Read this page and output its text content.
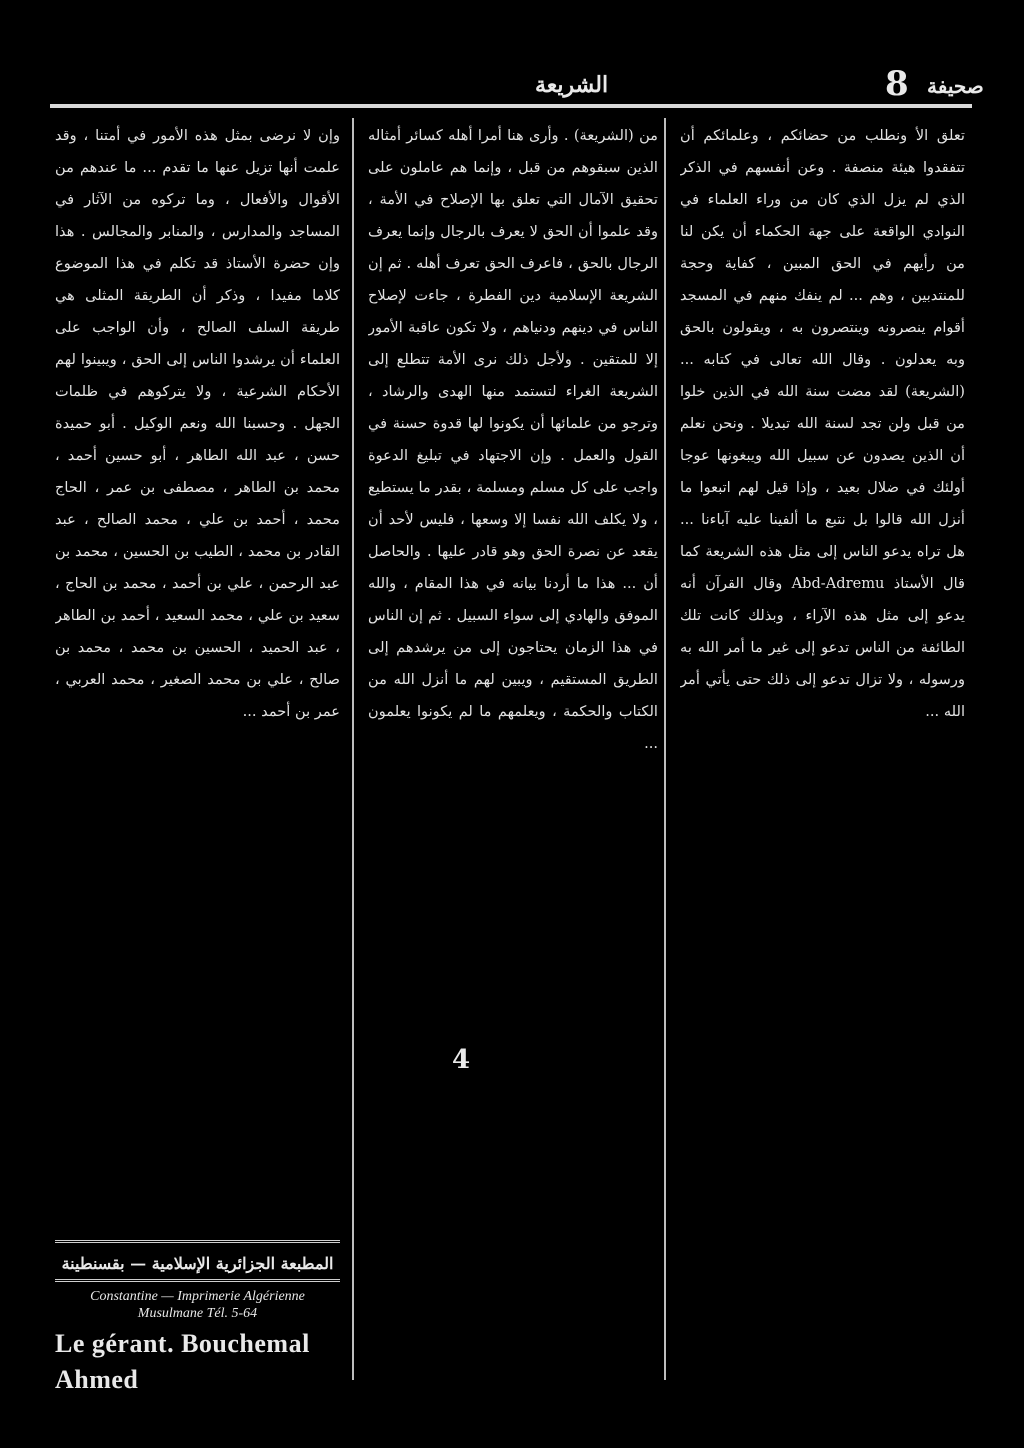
الشريعة	8 صحيفة

تعلق الأ ونطلب من حضائكم ، وعلمائكم أن تتفقدوا هيئة منصفة . وعن أنفسهم في الذكر الذي لم يزل الذي كان من وراء العلماء في النوادي الواقعة على جهة الحكماء أن يكن لنا من رأيهم في الحق المبين ، كفاية وحجة للمنتدبين ، وهم ... لم ينفك منهم في المسجد أقوام ينصرونه وينتصرون به ، ويقولون بالحق وبه يعدلون . وقال الله تعالى في كتابه ... (الشريعة) لقد مضت سنة الله في الذين خلوا من قبل ولن تجد لسنة الله تبديلا . ونحن نعلم أن الذين يصدون عن سبيل الله ويبغونها عوجا أولئك في ضلال بعيد ، وإذا قيل لهم اتبعوا ما أنزل الله قالوا بل نتبع ما ألفينا عليه آباءنا ... هل تراه يدعو الناس إلى مثل هذه الشريعة كما قال الأستاذ Abd-Adremu وقال القرآن أنه يدعو إلى مثل هذه الآراء ، وبذلك كانت تلك الطائفة من الناس تدعو إلى غير ما أمر الله به ورسوله ، ولا تزال تدعو إلى ذلك حتى يأتي أمر الله ...

من (الشريعة) . وأرى هنا أمرا أهله كسائر أمثاله الذين سبقوهم من قبل ، وإنما هم عاملون على تحقيق الآمال التي تعلق بها الإصلاح في الأمة ، وقد علموا أن الحق لا يعرف بالرجال وإنما يعرف الرجال بالحق ، فاعرف الحق تعرف أهله . ثم إن الشريعة الإسلامية دين الفطرة ، جاءت لإصلاح الناس في دينهم ودنياهم ، ولا تكون عاقبة الأمور إلا للمتقين . ولأجل ذلك نرى الأمة تتطلع إلى الشريعة الغراء لتستمد منها الهدى والرشاد ، وترجو من علمائها أن يكونوا لها قدوة حسنة في القول والعمل . وإن الاجتهاد في تبليغ الدعوة واجب على كل مسلم ومسلمة ، بقدر ما يستطيع ، ولا يكلف الله نفسا إلا وسعها ، فليس لأحد أن يقعد عن نصرة الحق وهو قادر عليها . والحاصل أن ... هذا ما أردنا بيانه في هذا المقام ، والله الموفق والهادي إلى سواء السبيل . ثم إن الناس في هذا الزمان يحتاجون إلى من يرشدهم إلى الطريق المستقيم ، ويبين لهم ما أنزل الله من الكتاب والحكمة ، ويعلمهم ما لم يكونوا يعلمون ...

وإن لا نرضى بمثل هذه الأمور في أمتنا ، وقد علمت أنها تزيل عنها ما تقدم ... ما عندهم من الأقوال والأفعال ، وما تركوه من الآثار في المساجد والمدارس ، والمنابر والمجالس . هذا وإن حضرة الأستاذ قد تكلم في هذا الموضوع كلاما مفيدا ، وذكر أن الطريقة المثلى هي طريقة السلف الصالح ، وأن الواجب على العلماء أن يرشدوا الناس إلى الحق ، ويبينوا لهم الأحكام الشرعية ، ولا يتركوهم في ظلمات الجهل . وحسبنا الله ونعم الوكيل . أبو حميدة حسن ، عبد الله الطاهر ، أبو حسين أحمد ، محمد بن الطاهر ، مصطفى بن عمر ، الحاج محمد ، أحمد بن علي ، محمد الصالح ، عبد القادر بن محمد ، الطيب بن الحسين ، محمد بن عبد الرحمن ، علي بن أحمد ، محمد بن الحاج ، سعيد بن علي ، محمد السعيد ، أحمد بن الطاهر ، عبد الحميد ، الحسين بن محمد ، محمد بن صالح ، علي بن محمد الصغير ، محمد العربي ، عمر بن أحمد ...

4
المطبعة الجزائرية الإسلامية — بقسنطينة
Constantine — Imprimerie Algérienne
Musulmane Tél. 5-64
Le gérant. Bouchemal Ahmed
